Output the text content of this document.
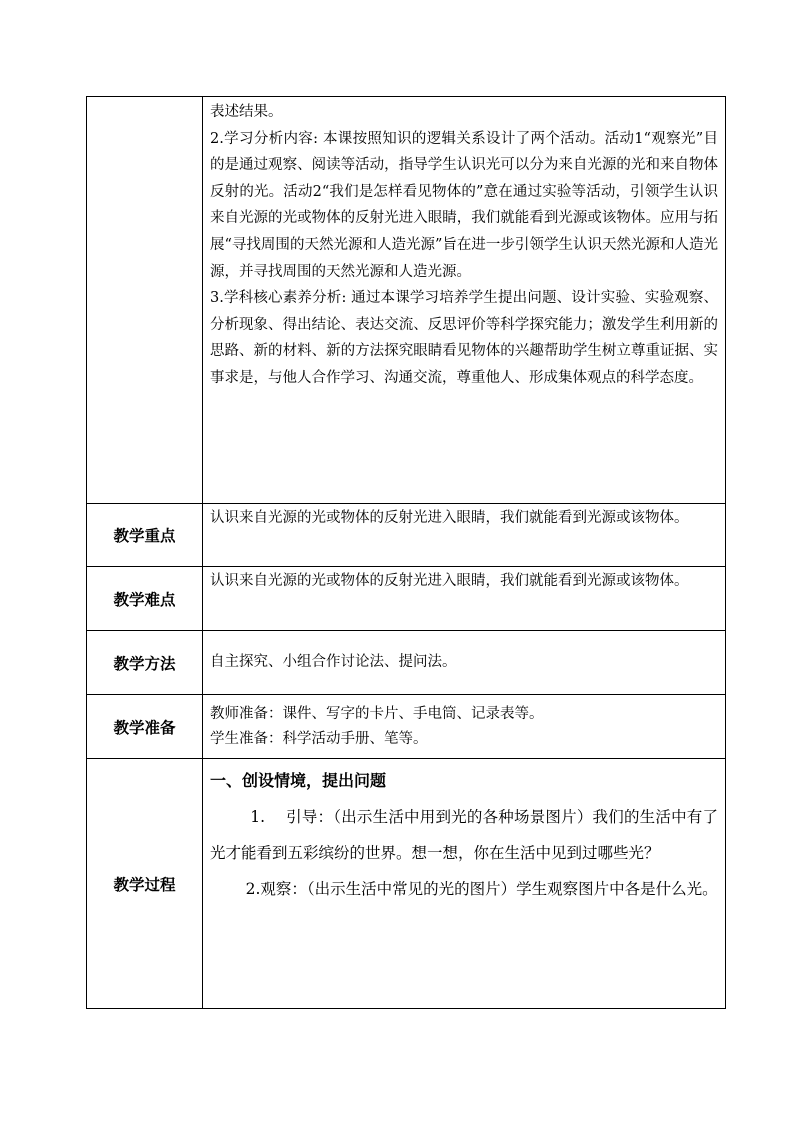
	表述结果。

2.学习分析内容: 本课按照知识的逻辑关系设计了两个活动。活动1“观察光”目的是通过观察、阅读等活动，指导学生认识光可以分为来自光源的光和来自物体反射的光。活动2“我们是怎样看见物体的”意在通过实验等活动，引领学生认识来自光源的光或物体的反射光进入眼睛，我们就能看到光源或该物体。应用与拓展“寻找周围的天然光源和人造光源”旨在进一步引领学生认识天然光源和人造光源，并寻找周围的天然光源和人造光源。

3.学科核心素养分析: 通过本课学习培养学生提出问题、设计实验、实验观察、分析现象、得出结论、表达交流、反思评价等科学探究能力；激发学生利用新的思路、新的材料、新的方法探究眼睛看见物体的兴趣帮助学生树立尊重证据、实事求是，与他人合作学习、沟通交流，尊重他人、形成集体观点的科学态度。

教学重点	认识来自光源的光或物体的反射光进入眼睛，我们就能看到光源或该物体。

教学难点	认识来自光源的光或物体的反射光进入眼睛，我们就能看到光源或该物体。

教学方法	自主探究、小组合作讨论法、提问法。

教学准备	教师准备：课件、写字的卡片、手电筒、记录表等。

学生准备：科学活动手册、笔等。

教学过程	一、创设情境，提出问题

1.　 引导：（出示生活中用到光的各种场景图片）我们的生活中有了光才能看到五彩缤纷的世界。想一想，你在生活中见到过哪些光？

2.观察：（出示生活中常见的光的图片）学生观察图片中各是什么光。
